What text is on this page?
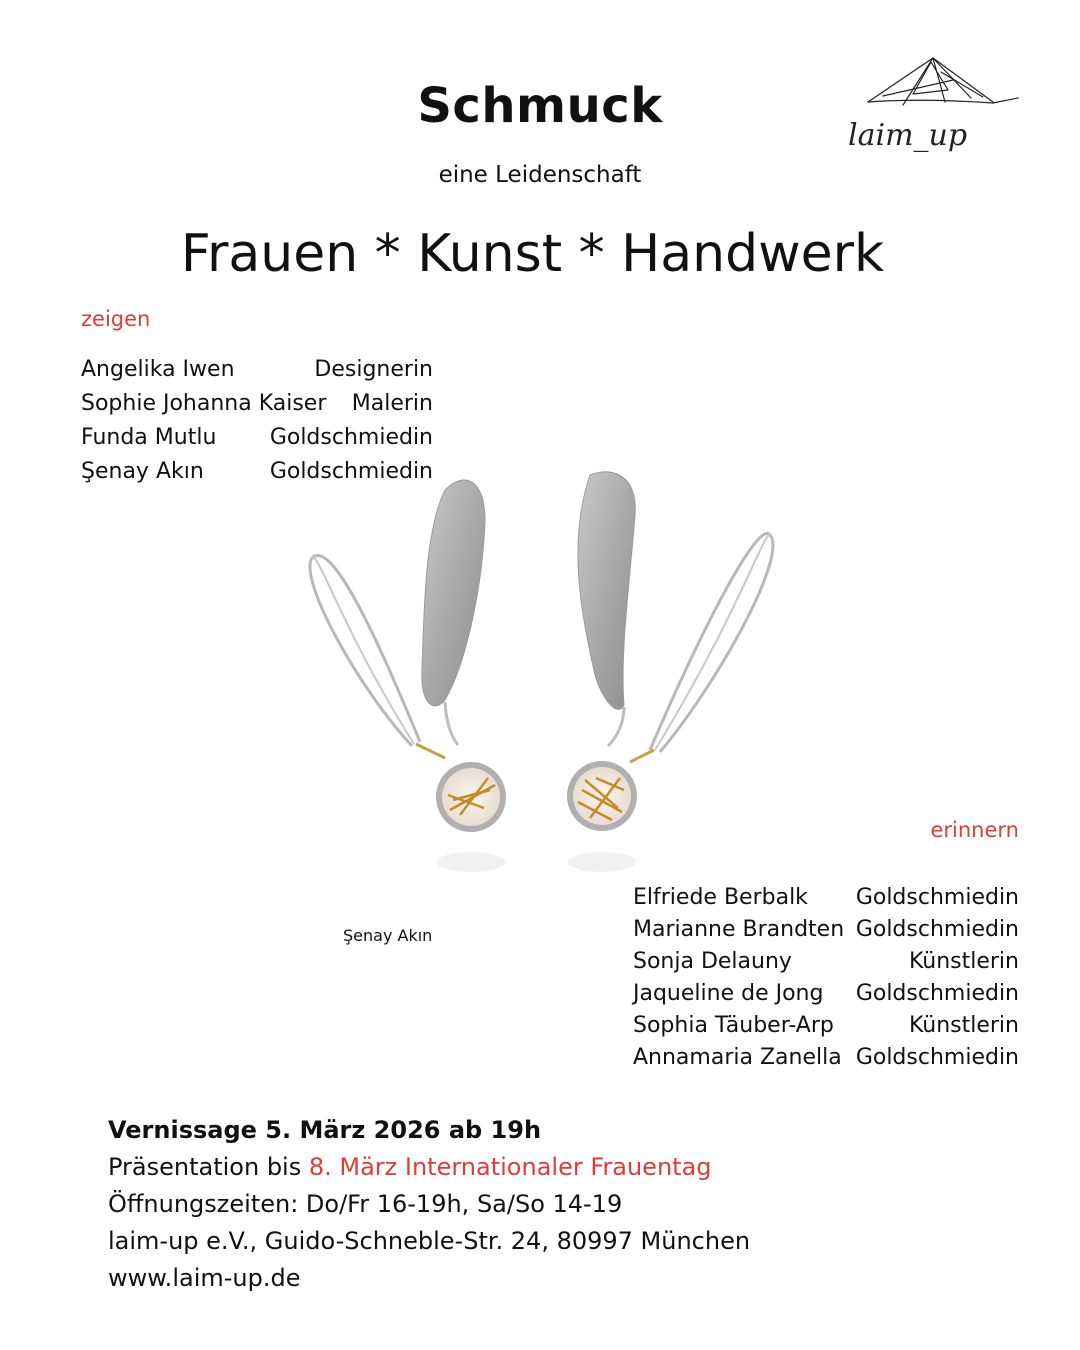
laim_up
Schmuck
eine Leidenschaft
Frauen * Kunst * Handwerk
zeigen
Angelika Iwen	Designerin
Sophie Johanna Kaiser Malerin
Funda Mutlu Goldschmiedin
Şenay Akın	Goldschmiedin
Şenay Akın
erinnern
Elfriede Berbalk Goldschmiedin
Marianne Brandten Goldschmiedin
Sonja Delauny	Künstlerin
Jaqueline de Jong Goldschmiedin
Sophia Täuber-Arp	Künstlerin
Annamaria Zanella Goldschmiedin
Vernissage 5. März 2026 ab 19h
Präsentation bis 8. März Internationaler Frauentag
Öffnungszeiten: Do/Fr 16-19h, Sa/So 14-19
laim-up e.V., Guido-Schneble-Str. 24, 80997 München
www.laim-up.de
